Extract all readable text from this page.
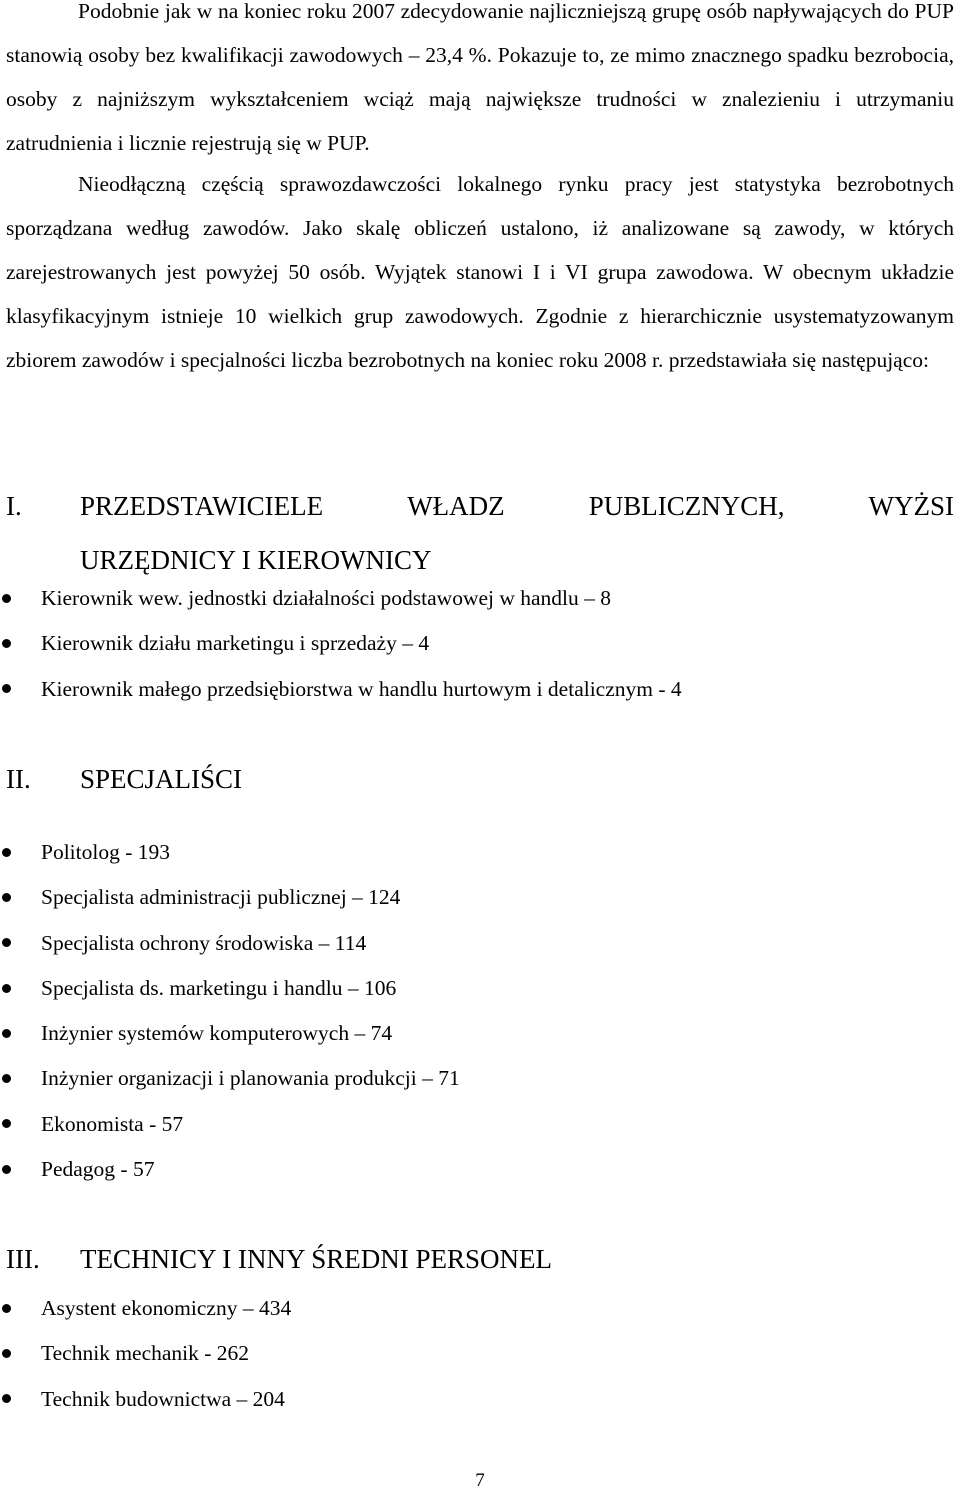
Podobnie jak w na koniec roku 2007 zdecydowanie najliczniejszą grupę osób napływających do PUP stanowią osoby bez kwalifikacji zawodowych – 23,4 %. Pokazuje to, ze mimo znacznego spadku bezrobocia, osoby z najniższym wykształceniem wciąż mają największe trudności w znalezieniu i utrzymaniu zatrudnienia i licznie rejestrują się w PUP.

Nieodłączną częścią sprawozdawczości lokalnego rynku pracy jest statystyka bezrobotnych sporządzana według zawodów. Jako skalę obliczeń ustalono, iż analizowane są zawody, w których zarejestrowanych jest powyżej 50 osób. Wyjątek stanowi I i VI grupa zawodowa. W obecnym układzie klasyfikacyjnym istnieje 10 wielkich grup zawodowych. Zgodnie z hierarchicznie usystematyzowanym zbiorem zawodów i specjalności liczba bezrobotnych na koniec roku 2008 r. przedstawiała się następująco:

I.	PRZEDSTAWICIELE	WŁADZ	PUBLICZNYCH,	WYŻSI
URZĘDNICY I KIEROWNICY
Kierownik wew. jednostki działalności podstawowej w handlu – 8
Kierownik działu marketingu i sprzedaży – 4
Kierownik małego przedsiębiorstwa w handlu hurtowym i detalicznym - 4
II. SPECJALIŚCI
Politolog - 193
Specjalista administracji publicznej – 124
Specjalista ochrony środowiska – 114
Specjalista ds. marketingu i handlu – 106
Inżynier systemów komputerowych – 74
Inżynier organizacji i planowania produkcji – 71
Ekonomista - 57
Pedagog - 57
III. TECHNICY I INNY ŚREDNI PERSONEL
Asystent ekonomiczny – 434
Technik mechanik - 262
Technik budownictwa – 204
7
